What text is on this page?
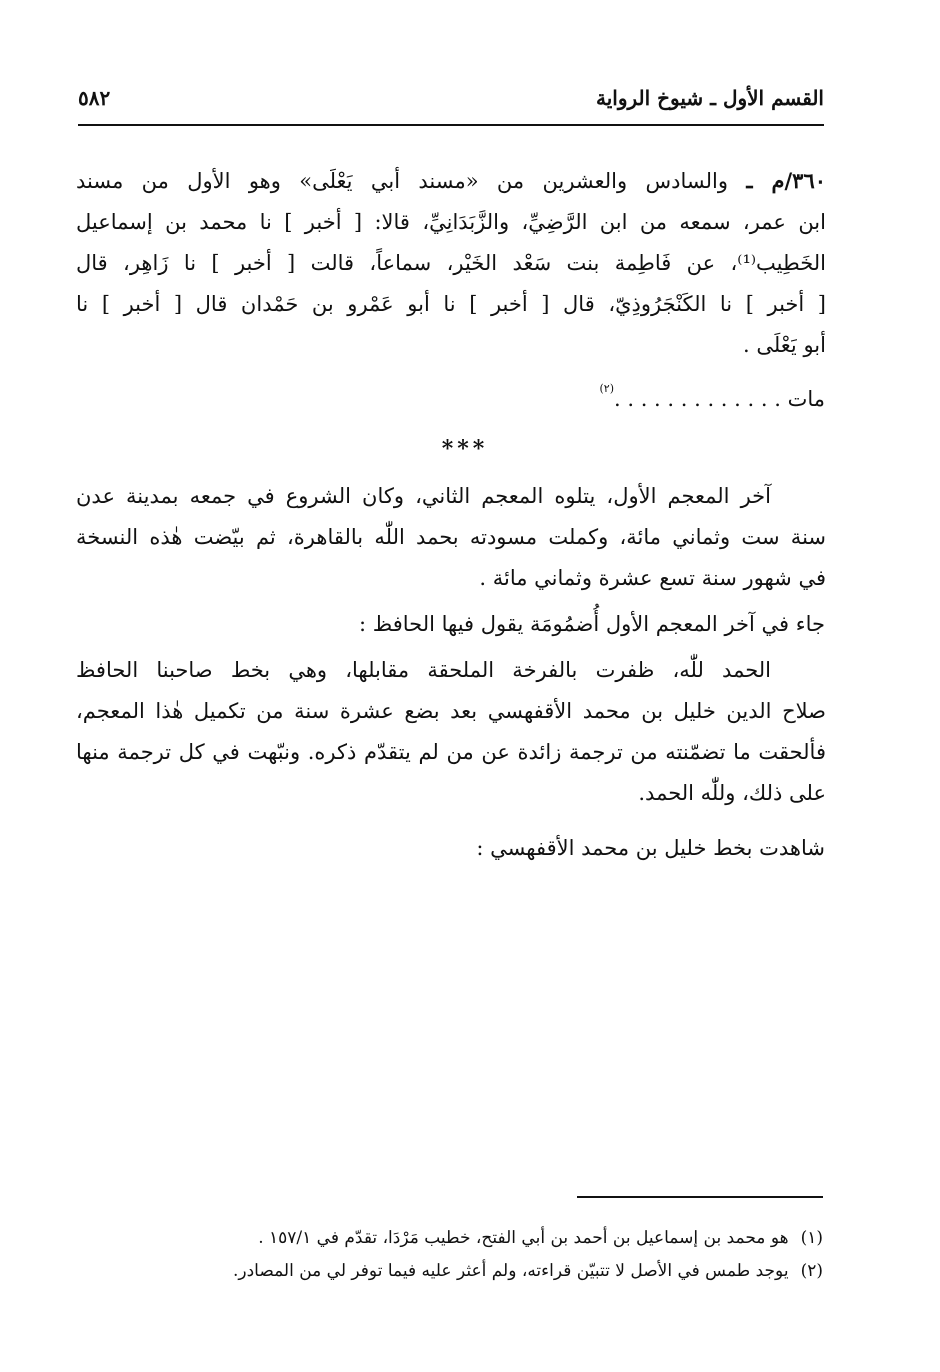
القسم الأول ـ شيوخ الرواية
٥٨٢
٣٦٠/م ـ والسادس والعشرين من «مسند أبي يَعْلَى» وهو الأول من مسند
ابن عمر، سمعه من ابن الرَّضِيِّ، والزَّبَدَانِيِّ، قالا: [ أخبر ] نا محمد بن إسماعيل
الخَطِيب⁽¹⁾، عن فَاطِمة بنت سَعْد الخَيْر، سماعاً، قالت [ أخبر ] نا زَاهِر، قال
[ أخبر ] نا الكَنْجَرُوذِيّ، قال [ أخبر ] نا أبو عَمْرو بن حَمْدان قال [ أخبر ] نا
أبو يَعْلَى .
مات . . . . . . . . . . . . .$^{(٢)}$
***
آخر المعجم الأول، يتلوه المعجم الثاني، وكان الشروع في جمعه بمدينة عدن
سنة ست وثماني مائة، وكملت مسودته بحمد اللّٰه بالقاهرة، ثم بيّضت هٰذه النسخة
في شهور سنة تسع عشرة وثماني مائة .
جاء في آخر المعجم الأول أُضمُومَة يقول فيها الحافظ :
الحمد للّٰه، ظفرت بالفرخة الملحقة مقابلها، وهي بخط صاحبنا الحافظ
صلاح الدين خليل بن محمد الأقفهسي بعد بضع عشرة سنة من تكميل هٰذا المعجم،
فألحقت ما تضمّنته من ترجمة زائدة عن من لم يتقدّم ذكره. ونبّهت في كل ترجمة منها
على ذلك، وللّٰه الحمد.
شاهدت بخط خليل بن محمد الأقفهسي :
(١)هو محمد بن إسماعيل بن أحمد بن أبي الفتح، خطيب مَرْدَا، تقدّم في ١٥٧/١ .
(٢)يوجد طمس في الأصل لا تتبيّن قراءته، ولم أعثر عليه فيما توفر لي من المصادر.
